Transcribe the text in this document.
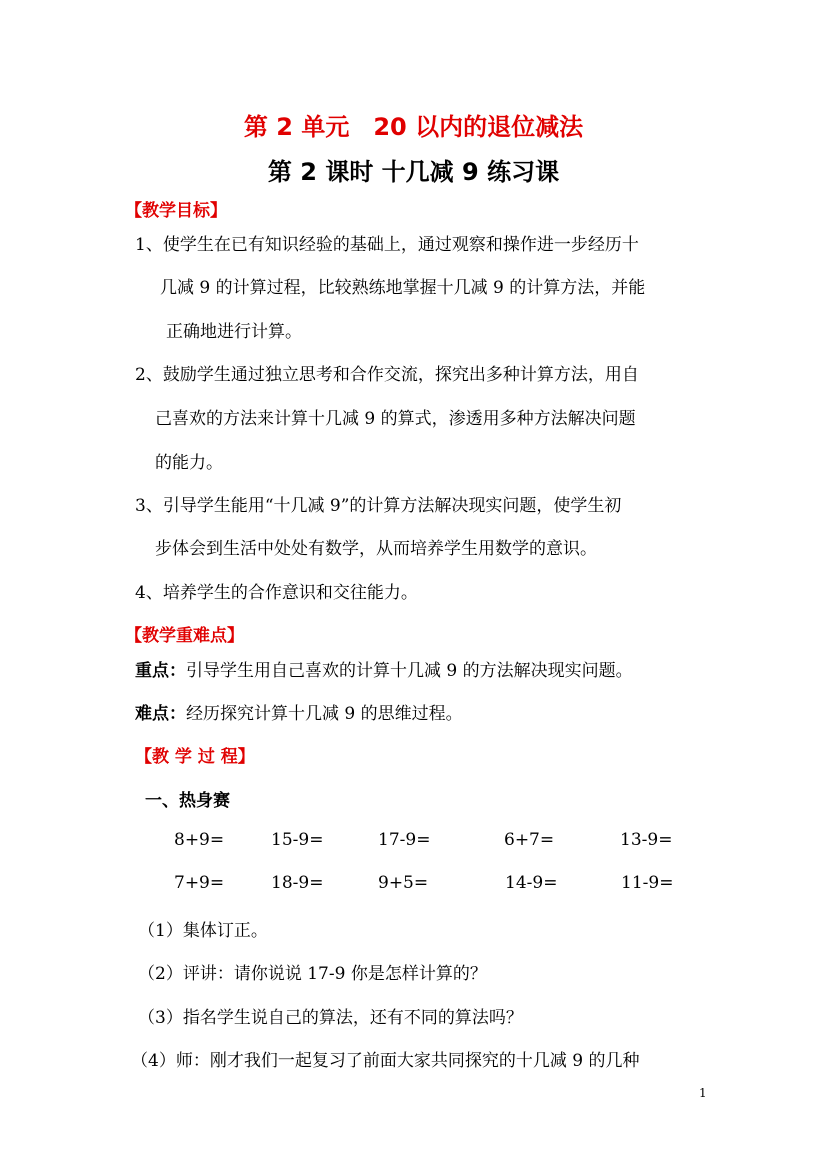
第 2 单元　20 以内的退位减法
第 2 课时 十几减 9 练习课
【教学目标】
1、使学生在已有知识经验的基础上，通过观察和操作进一步经历十
几减 9 的计算过程，比较熟练地掌握十几减 9 的计算方法，并能
正确地进行计算。
2、鼓励学生通过独立思考和合作交流，探究出多种计算方法，用自
己喜欢的方法来计算十几减 9 的算式，渗透用多种方法解决问题
的能力。
3、引导学生能用“十几减 9”的计算方法解决现实问题，使学生初
步体会到生活中处处有数学，从而培养学生用数学的意识。
4、培养学生的合作意识和交往能力。
【教学重难点】
重点：引导学生用自己喜欢的计算十几减 9 的方法解决现实问题。
难点：经历探究计算十几减 9 的思维过程。
【教 学 过 程】
一、热身赛
8+9=	15-9=	17-9=	6+7=	13-9=
7+9=	18-9=	9+5=	14-9=	11-9=
（1）集体订正。
（2）评讲：请你说说 17-9 你是怎样计算的？
（3）指名学生说自己的算法，还有不同的算法吗？
（4）师：刚才我们一起复习了前面大家共同探究的十几减 9 的几种
1
